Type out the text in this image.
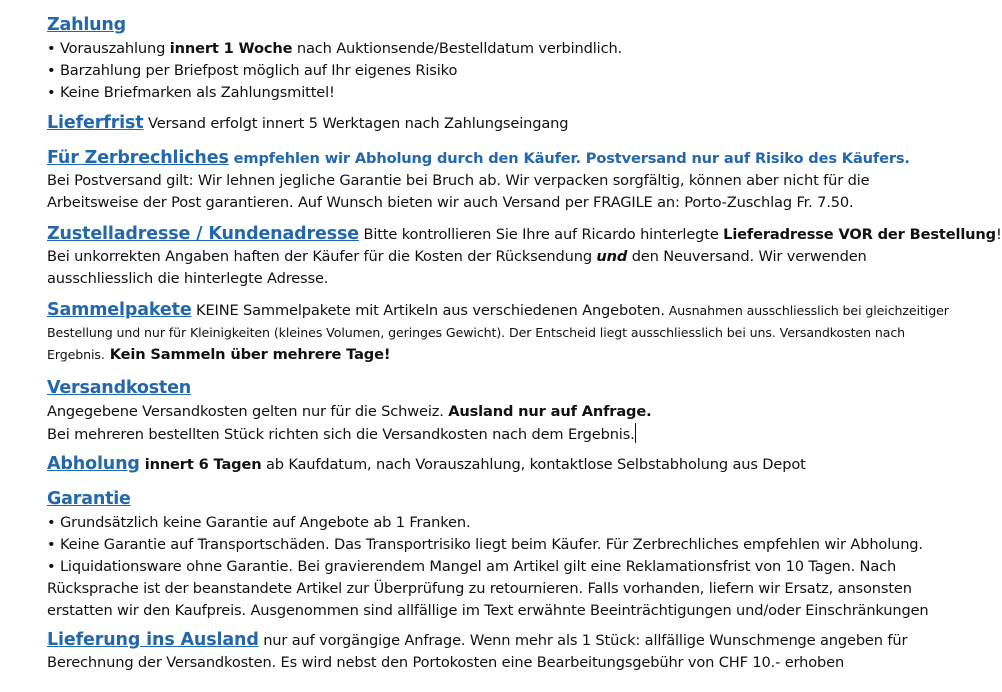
Zahlung
• Vorauszahlung innert 1 Woche nach Auktionsende/Bestelldatum verbindlich.
• Barzahlung per Briefpost möglich auf Ihr eigenes Risiko
• Keine Briefmarken als Zahlungsmittel!
Lieferfrist Versand erfolgt innert 5 Werktagen nach Zahlungseingang
Für Zerbrechliches empfehlen wir Abholung durch den Käufer. Postversand nur auf Risiko des Käufers.
Bei Postversand gilt: Wir lehnen jegliche Garantie bei Bruch ab. Wir verpacken sorgfältig, können aber nicht für die
Arbeitsweise der Post garantieren. Auf Wunsch bieten wir auch Versand per FRAGILE an: Porto-Zuschlag Fr. 7.50.
Zustelladresse / Kundenadresse Bitte kontrollieren Sie Ihre auf Ricardo hinterlegte Lieferadresse VOR der Bestellung!
Bei unkorrekten Angaben haften der Käufer für die Kosten der Rücksendung und den Neuversand. Wir verwenden
ausschliesslich die hinterlegte Adresse.
Sammelpakete KEINE Sammelpakete mit Artikeln aus verschiedenen Angeboten. Ausnahmen ausschliesslich bei gleichzeitiger
Bestellung und nur für Kleinigkeiten (kleines Volumen, geringes Gewicht). Der Entscheid liegt ausschliesslich bei uns. Versandkosten nach
Ergebnis. Kein Sammeln über mehrere Tage!
Versandkosten
Angegebene Versandkosten gelten nur für die Schweiz. Ausland nur auf Anfrage.
Bei mehreren bestellten Stück richten sich die Versandkosten nach dem Ergebnis.
Abholung innert 6 Tagen ab Kaufdatum, nach Vorauszahlung, kontaktlose Selbstabholung aus Depot
Garantie
• Grundsätzlich keine Garantie auf Angebote ab 1 Franken.
• Keine Garantie auf Transportschäden. Das Transportrisiko liegt beim Käufer. Für Zerbrechliches empfehlen wir Abholung.
• Liquidationsware ohne Garantie. Bei gravierendem Mangel am Artikel gilt eine Reklamationsfrist von 10 Tagen. Nach
Rücksprache ist der beanstandete Artikel zur Überprüfung zu retournieren. Falls vorhanden, liefern wir Ersatz, ansonsten
erstatten wir den Kaufpreis. Ausgenommen sind allfällige im Text erwähnte Beeinträchtigungen und/oder Einschränkungen
Lieferung ins Ausland nur auf vorgängige Anfrage. Wenn mehr als 1 Stück: allfällige Wunschmenge angeben für
Berechnung der Versandkosten. Es wird nebst den Portokosten eine Bearbeitungsgebühr von CHF 10.- erhoben
